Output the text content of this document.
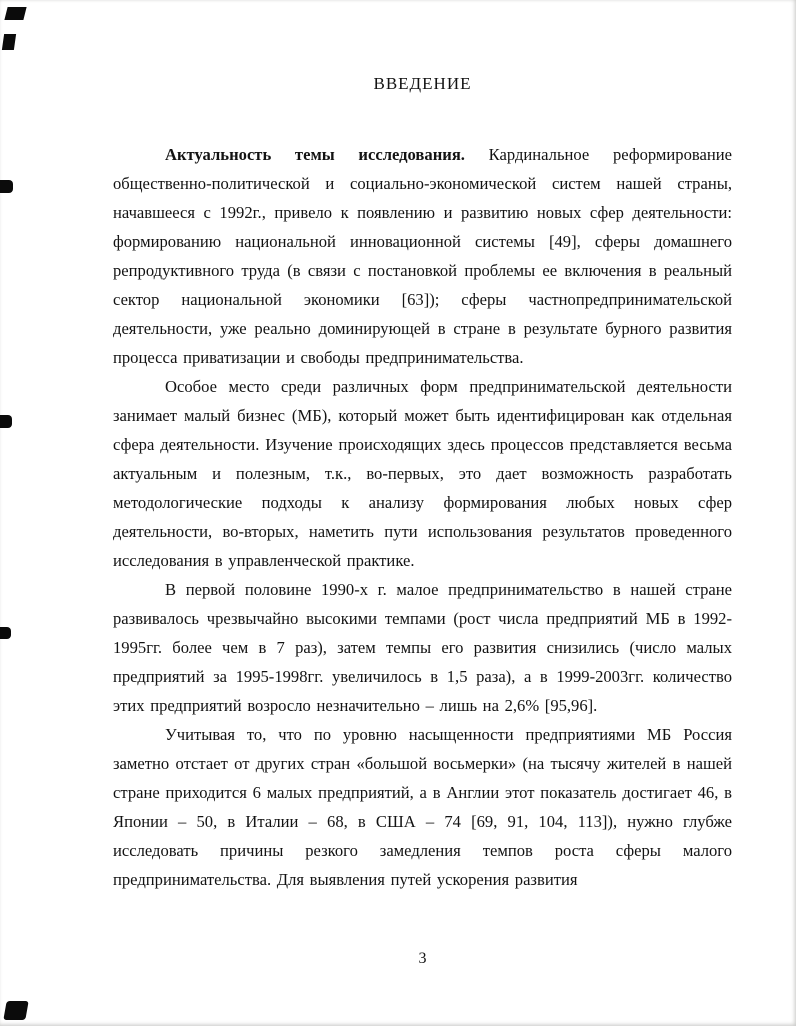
ВВЕДЕНИЕ

Актуальность темы исследования. Кардинальное реформирование общественно-политической и социально-экономической систем нашей страны, начавшееся с 1992г., привело к появлению и развитию новых сфер деятельности: формированию национальной инновационной системы [49], сферы домашнего репродуктивного труда (в связи с постановкой проблемы ее включения в реальный сектор национальной экономики [63]); сферы частнопредпринимательской деятельности, уже реально доминирующей в стране в результате бурного развития процесса приватизации и свободы предпринимательства.

Особое место среди различных форм предпринимательской деятельности занимает малый бизнес (МБ), который может быть идентифицирован как отдельная сфера деятельности. Изучение происходящих здесь процессов представляется весьма актуальным и полезным, т.к., во-первых, это дает возможность разработать методологические подходы к анализу формирования любых новых сфер деятельности, во-вторых, наметить пути использования результатов проведенного исследования в управленческой практике.

В первой половине 1990-х г. малое предпринимательство в нашей стране развивалось чрезвычайно высокими темпами (рост числа предприятий МБ в 1992-1995гг. более чем в 7 раз), затем темпы его развития снизились (число малых предприятий за 1995-1998гг. увеличилось в 1,5 раза), а в 1999-2003гг. количество этих предприятий возросло незначительно – лишь на 2,6% [95,96].

Учитывая то, что по уровню насыщенности предприятиями МБ Россия заметно отстает от других стран «большой восьмерки» (на тысячу жителей в нашей стране приходится 6 малых предприятий, а в Англии этот показатель достигает 46, в Японии – 50, в Италии – 68, в США – 74 [69, 91, 104, 113]), нужно глубже исследовать причины резкого замедления темпов роста сферы малого предпринимательства. Для выявления путей ускорения развития

3
